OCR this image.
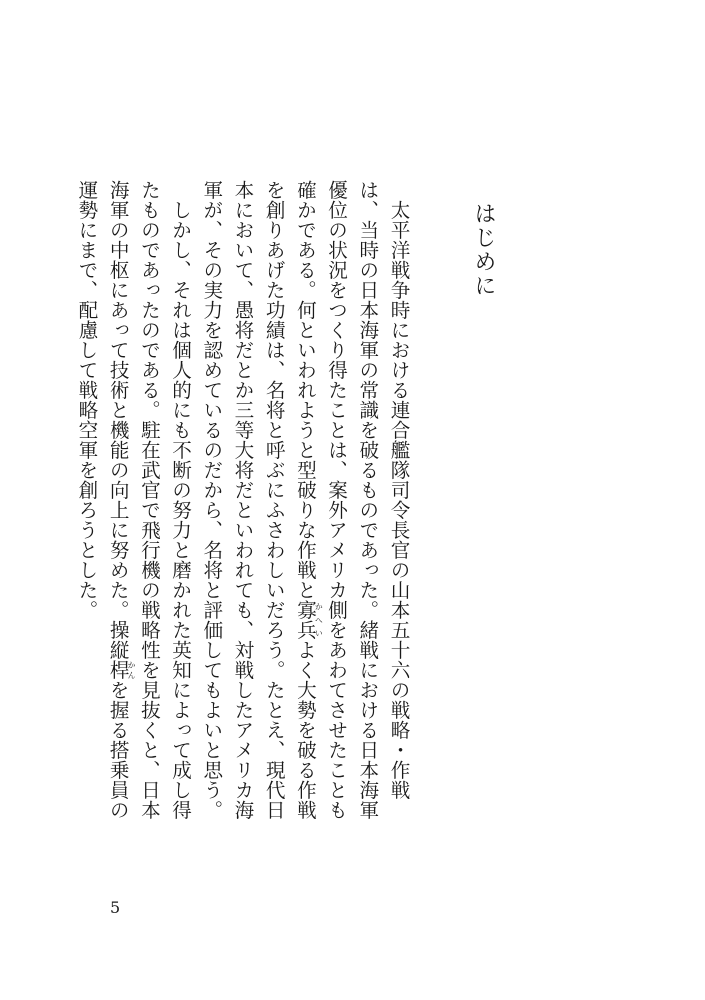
はじめに

太平洋戦争時における連合艦隊司令長官の山本五十六の戦略・作戦は、当時の日本海軍の常識を破るものであった。緒戦における日本海軍優位の状況をつくり得たことは、案外アメリカ側をあわてさせたことも確かである。何といわれようと型破りな作戦と寡兵かへいよく大勢を破る作戦を創りあげた功績は、名将と呼ぶにふさわしいだろう。たとえ、現代日本において、愚将だとか三等大将だといわれても、対戦したアメリカ海軍が、その実力を認めているのだから、名将と評価してもよいと思う。

しかし、それは個人的にも不断の努力と磨かれた英知によって成し得たものであったのである。駐在武官で飛行機の戦略性を見抜くと、日本海軍の中枢にあって技術と機能の向上に努めた。操縦桿かんを握る搭乗員の運勢にまで、配慮して戦略空軍を創ろうとした。

5
